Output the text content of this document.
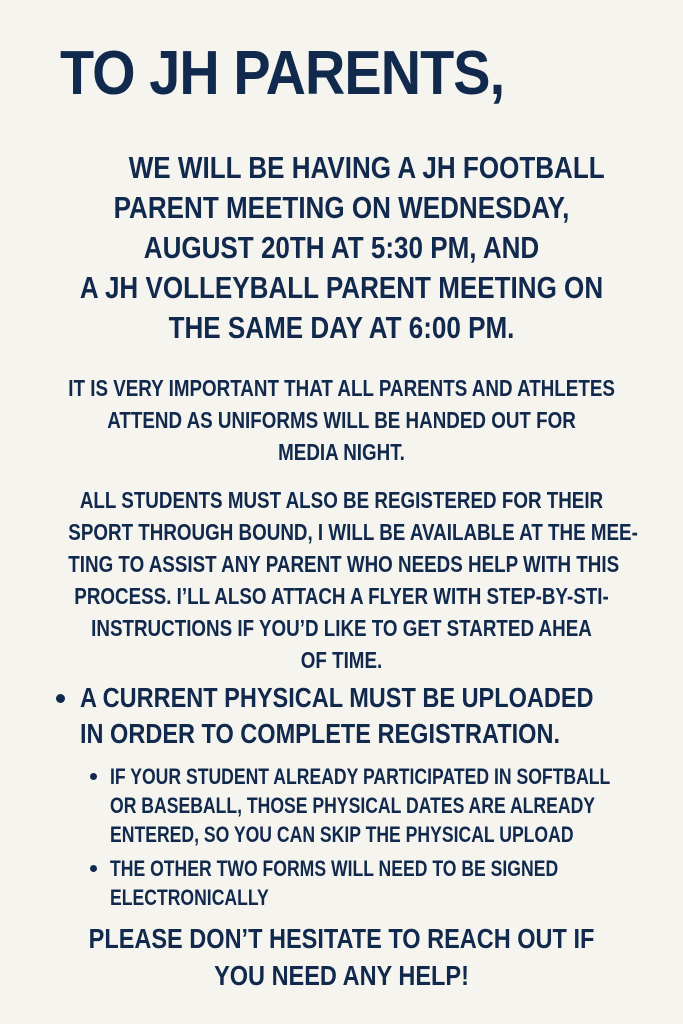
TO JH PARENTS,
WE WILL BE HAVING A JH FOOTBALL
PARENT MEETING ON WEDNESDAY,
AUGUST 20TH AT 5:30 PM, AND
A JH VOLLEYBALL PARENT MEETING ON
THE SAME DAY AT 6:00 PM.
IT IS VERY IMPORTANT THAT ALL PARENTS AND ATHLETES
ATTEND AS UNIFORMS WILL BE HANDED OUT FOR
MEDIA NIGHT.
ALL STUDENTS MUST ALSO BE REGISTERED FOR THEIR
SPORT THROUGH BOUND, I WILL BE AVAILABLE AT THE MEE-
TING TO ASSIST ANY PARENT WHO NEEDS HELP WITH THIS
PROCESS. I’LL ALSO ATTACH A FLYER WITH STEP-BY-STI-
INSTRUCTIONS IF YOU’D LIKE TO GET STARTED AHEA
OF TIME.
A CURRENT PHYSICAL MUST BE UPLOADED
IN ORDER TO COMPLETE REGISTRATION.
IF YOUR STUDENT ALREADY PARTICIPATED IN SOFTBALL
OR BASEBALL, THOSE PHYSICAL DATES ARE ALREADY
ENTERED, SO YOU CAN SKIP THE PHYSICAL UPLOAD
THE OTHER TWO FORMS WILL NEED TO BE SIGNED
ELECTRONICALLY
PLEASE DON’T HESITATE TO REACH OUT IF
YOU NEED ANY HELP!
